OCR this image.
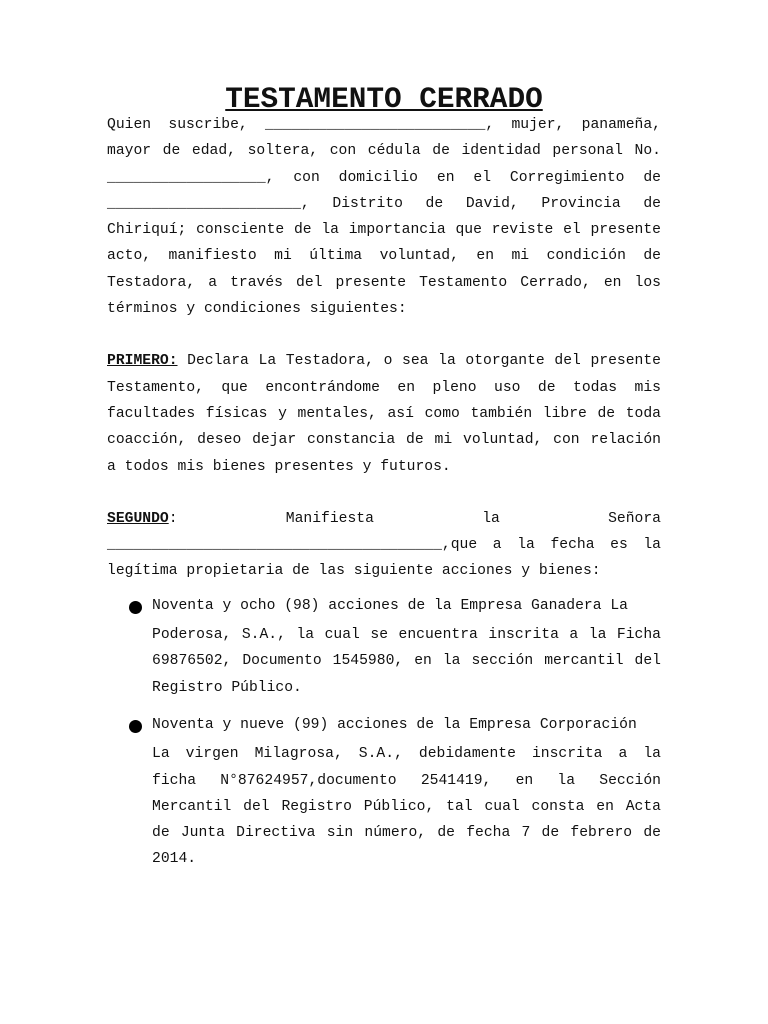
TESTAMENTO CERRADO

Quien suscribe, _________________________, mujer, panameña, mayor de edad, soltera, con cédula de identidad personal No. __________________, con domicilio en el Corregimiento de ______________________, Distrito de David, Provincia de Chiriquí; consciente de la importancia que reviste el presente acto, manifiesto mi última voluntad, en mi condición de Testadora, a través del presente Testamento Cerrado, en los términos y condiciones siguientes:

PRIMERO: Declara La Testadora, o sea la otorgante del presente Testamento, que encontrándome en pleno uso de todas mis facultades físicas y mentales, así como también libre de toda coacción, deseo dejar constancia de mi voluntad, con relación a todos mis bienes presentes y futuros.

SEGUNDO: Manifiesta la Señora ______________________________________,que a la fecha es la legítima propietaria de las siguiente acciones y bienes:

Noventa y ocho (98) acciones de la Empresa Ganadera La
Poderosa, S.A., la cual se encuentra inscrita a la Ficha 69876502, Documento 1545980, en la sección mercantil del Registro Público.
Noventa y nueve (99) acciones de la Empresa Corporación
La virgen Milagrosa, S.A., debidamente inscrita a la ficha N°87624957,documento 2541419, en la Sección Mercantil del Registro Público, tal cual consta en Acta de Junta Directiva sin número, de fecha 7 de febrero de 2014.
